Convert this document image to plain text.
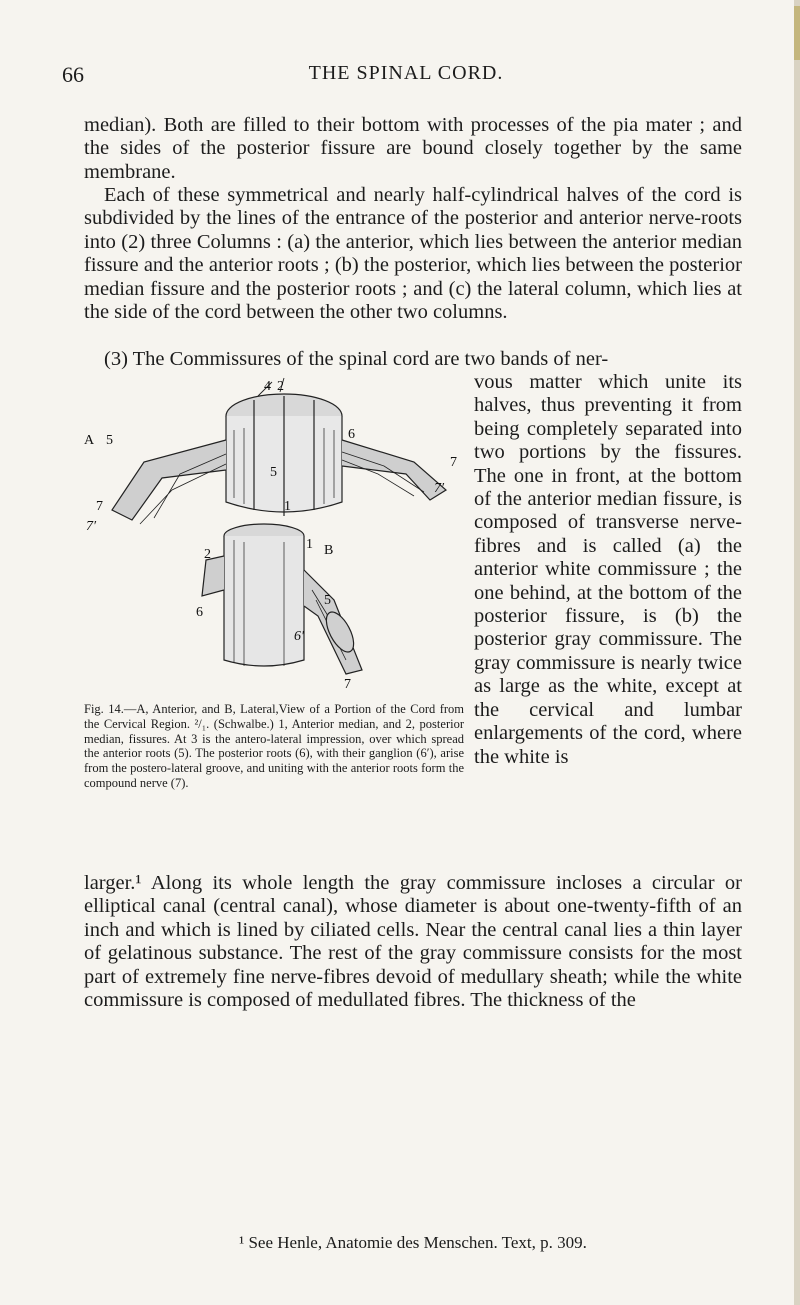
66	THE SPINAL CORD.

median). Both are filled to their bottom with processes of the pia mater ; and the sides of the posterior fissure are bound closely together by the same membrane.

Each of these symmetrical and nearly half-cylindrical halves of the cord is subdivided by the lines of the entrance of the posterior and anterior nerve-roots into (2) three Columns : (a) the anterior, which lies between the anterior median fissure and the anterior roots ; (b) the posterior, which lies between the posterior median fissure and the posterior roots ; and (c) the lateral column, which lies at the side of the cord between the other two columns.

(3) The Commissures of the spinal cord are two bands of ner-

vous matter which unite its halves, thus preventing it from being completely separated into two portions by the fissures. The one in front, at the bottom of the anterior median fissure, is composed of transverse nerve-fibres and is called (a) the anterior white commissure ; the one behind, at the bottom of the posterior fissure, is (b) the posterior gray commissure. The gray commissure is nearly twice as large as the white, except at the cervical and lumbar enlargements of the cord, where the white is

4 2
A 5	6
7
7′
5
1
7
7′
2
1 B
5
6
6′
7
Fig. 14.—A, Anterior, and B, Lateral,View of a Portion of the Cord from the Cervical Region. ²/₁. (Schwalbe.) 1, Anterior median, and 2, posterior median, fissures. At 3 is the antero-lateral impression, over which spread the anterior roots (5). The posterior roots (6), with their ganglion (6′), arise from the postero-lateral groove, and uniting with the anterior roots form the compound nerve (7).

larger.¹ Along its whole length the gray commissure incloses a circular or elliptical canal (central canal), whose diameter is about one-twenty-fifth of an inch and which is lined by ciliated cells. Near the central canal lies a thin layer of gelatinous substance. The rest of the gray commissure consists for the most part of extremely fine nerve-fibres devoid of medullary sheath; while the white commissure is composed of medullated fibres. The thickness of the

¹ See Henle, Anatomie des Menschen. Text, p. 309.
